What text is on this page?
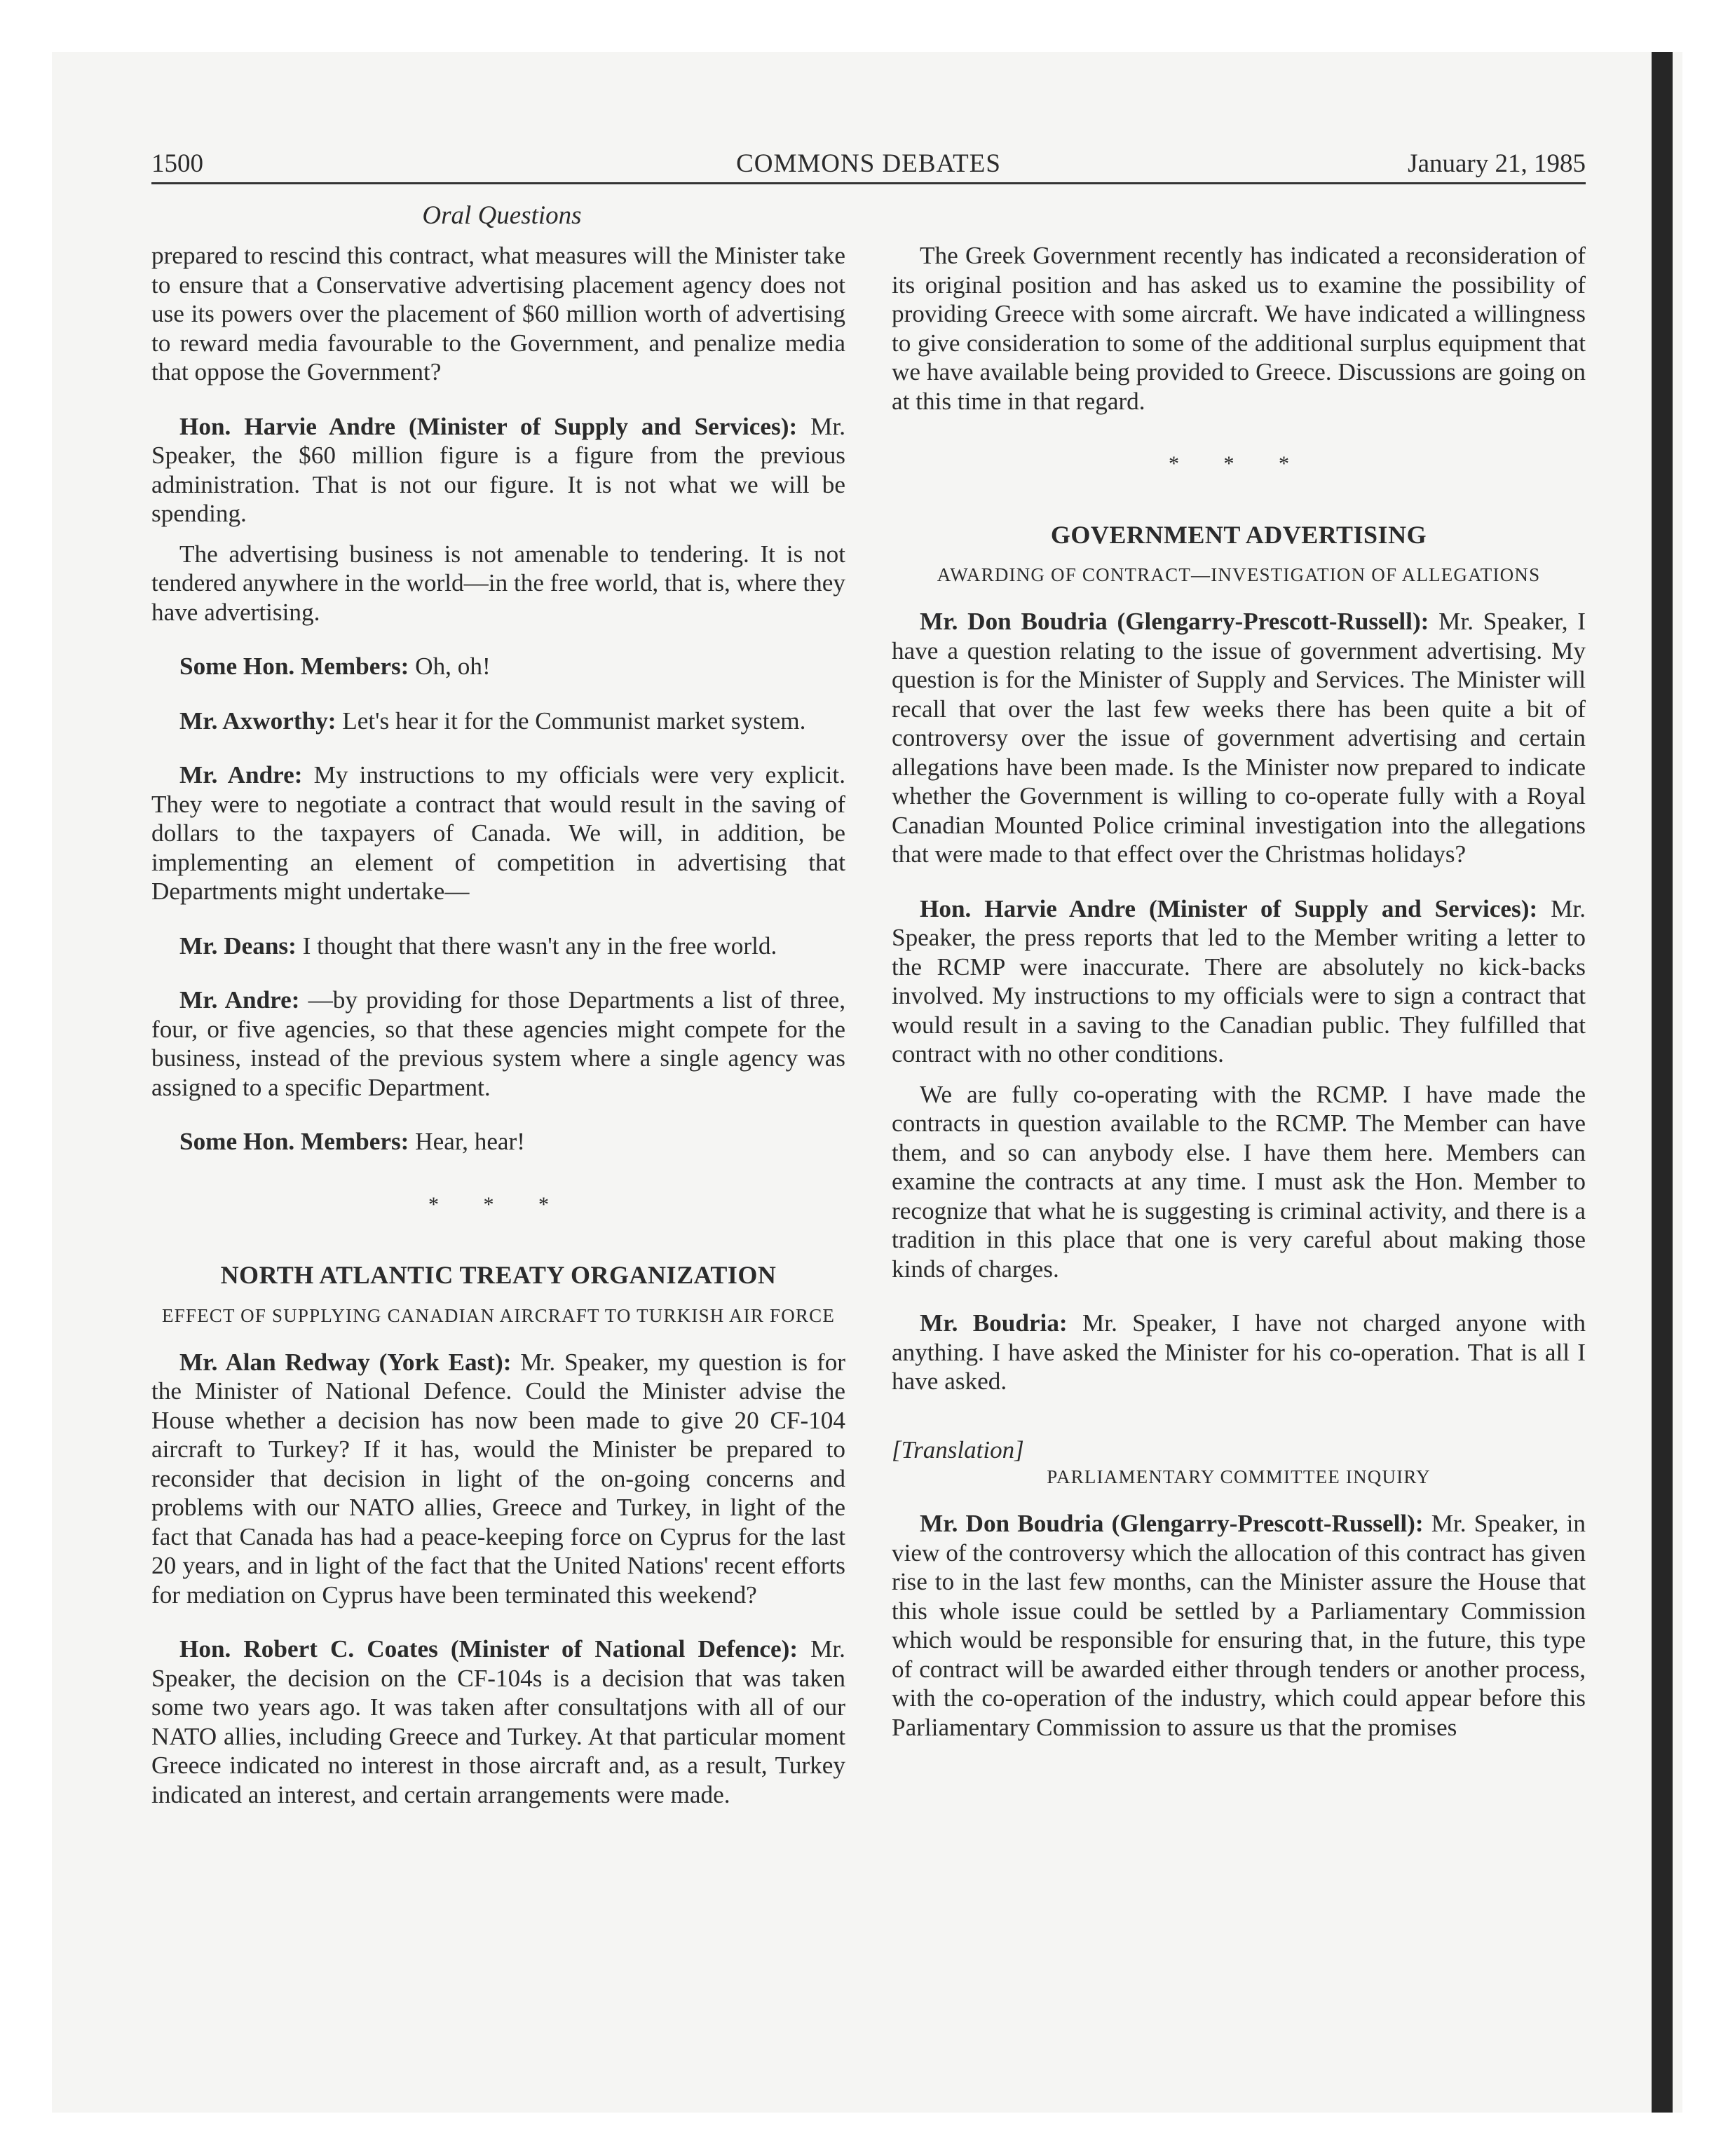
1500	COMMONS DEBATES	January 21, 1985
Oral Questions

prepared to rescind this contract, what measures will the Minister take to ensure that a Conservative advertising placement agency does not use its powers over the placement of $60 million worth of advertising to reward media favourable to the Government, and penalize media that oppose the Government?

Hon. Harvie Andre (Minister of Supply and Services): Mr. Speaker, the $60 million figure is a figure from the previous administration. That is not our figure. It is not what we will be spending.

The advertising business is not amenable to tendering. It is not tendered anywhere in the world—in the free world, that is, where they have advertising.

Some Hon. Members: Oh, oh!

Mr. Axworthy: Let's hear it for the Communist market system.

Mr. Andre: My instructions to my officials were very explicit. They were to negotiate a contract that would result in the saving of dollars to the taxpayers of Canada. We will, in addition, be implementing an element of competition in advertising that Departments might undertake—

Mr. Deans: I thought that there wasn't any in the free world.

Mr. Andre: —by providing for those Departments a list of three, four, or five agencies, so that these agencies might compete for the business, instead of the previous system where a single agency was assigned to a specific Department.

Some Hon. Members: Hear, hear!

* * *
NORTH ATLANTIC TREATY ORGANIZATION
EFFECT OF SUPPLYING CANADIAN AIRCRAFT TO TURKISH AIR FORCE

Mr. Alan Redway (York East): Mr. Speaker, my question is for the Minister of National Defence. Could the Minister advise the House whether a decision has now been made to give 20 CF-104 aircraft to Turkey? If it has, would the Minister be prepared to reconsider that decision in light of the on-going concerns and problems with our NATO allies, Greece and Turkey, in light of the fact that Canada has had a peace-keeping force on Cyprus for the last 20 years, and in light of the fact that the United Nations' recent efforts for mediation on Cyprus have been terminated this weekend?

Hon. Robert C. Coates (Minister of National Defence): Mr. Speaker, the decision on the CF-104s is a decision that was taken some two years ago. It was taken after consultatjons with all of our NATO allies, including Greece and Turkey. At that particular moment Greece indicated no interest in those aircraft and, as a result, Turkey indicated an interest, and certain arrangements were made.

The Greek Government recently has indicated a reconsideration of its original position and has asked us to examine the possibility of providing Greece with some aircraft. We have indicated a willingness to give consideration to some of the additional surplus equipment that we have available being provided to Greece. Discussions are going on at this time in that regard.

* * *
GOVERNMENT ADVERTISING
AWARDING OF CONTRACT—INVESTIGATION OF ALLEGATIONS

Mr. Don Boudria (Glengarry-Prescott-Russell): Mr. Speaker, I have a question relating to the issue of government advertising. My question is for the Minister of Supply and Services. The Minister will recall that over the last few weeks there has been quite a bit of controversy over the issue of government advertising and certain allegations have been made. Is the Minister now prepared to indicate whether the Government is willing to co-operate fully with a Royal Canadian Mounted Police criminal investigation into the allegations that were made to that effect over the Christmas holidays?

Hon. Harvie Andre (Minister of Supply and Services): Mr. Speaker, the press reports that led to the Member writing a letter to the RCMP were inaccurate. There are absolutely no kick-backs involved. My instructions to my officials were to sign a contract that would result in a saving to the Canadian public. They fulfilled that contract with no other conditions.

We are fully co-operating with the RCMP. I have made the contracts in question available to the RCMP. The Member can have them, and so can anybody else. I have them here. Members can examine the contracts at any time. I must ask the Hon. Member to recognize that what he is suggesting is criminal activity, and there is a tradition in this place that one is very careful about making those kinds of charges.

Mr. Boudria: Mr. Speaker, I have not charged anyone with anything. I have asked the Minister for his co-operation. That is all I have asked.

[Translation]

PARLIAMENTARY COMMITTEE INQUIRY

Mr. Don Boudria (Glengarry-Prescott-Russell): Mr. Speaker, in view of the controversy which the allocation of this contract has given rise to in the last few months, can the Minister assure the House that this whole issue could be settled by a Parliamentary Commission which would be responsible for ensuring that, in the future, this type of contract will be awarded either through tenders or another process, with the co-operation of the industry, which could appear before this Parliamentary Commission to assure us that the promises
